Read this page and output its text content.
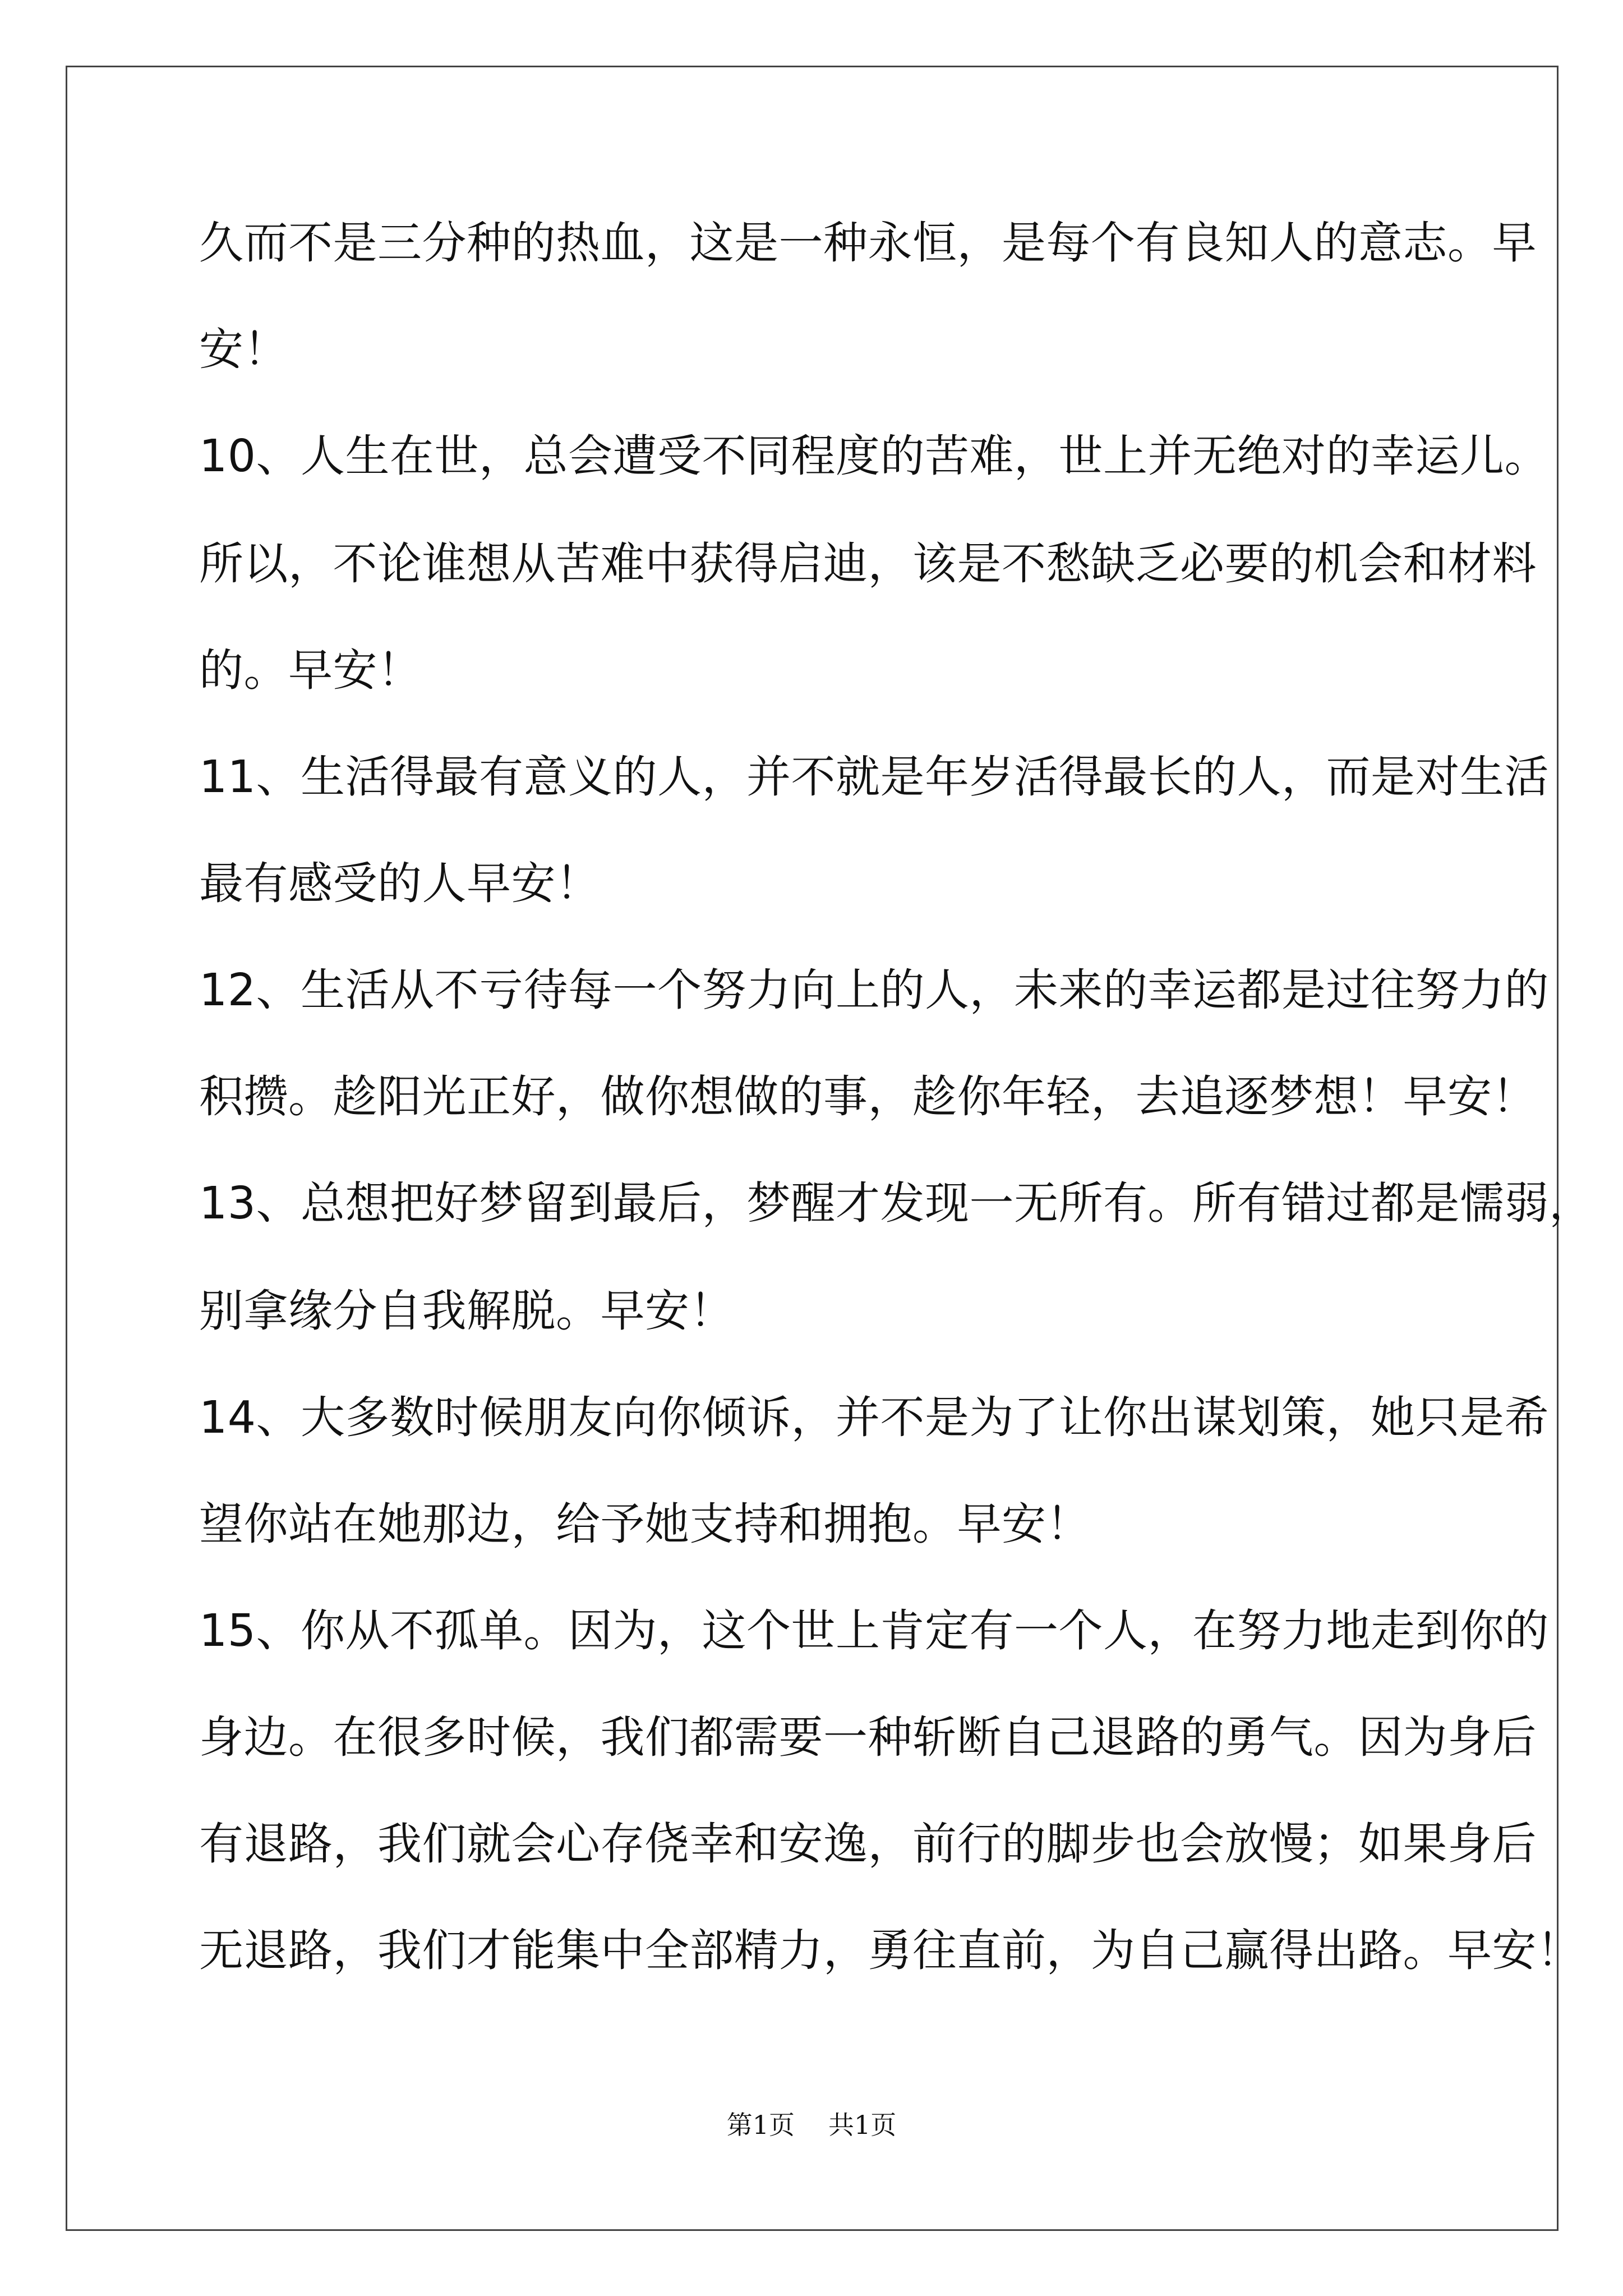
久而不是三分种的热血，这是一种永恒，是每个有良知人的意志。早
安！
10、人生在世，总会遭受不同程度的苦难，世上并无绝对的幸运儿。
所以，不论谁想从苦难中获得启迪，该是不愁缺乏必要的机会和材料
的。早安！
11、生活得最有意义的人，并不就是年岁活得最长的人，而是对生活
最有感受的人早安！
12、生活从不亏待每一个努力向上的人，未来的幸运都是过往努力的
积攒。趁阳光正好，做你想做的事，趁你年轻，去追逐梦想！早安！
13、总想把好梦留到最后，梦醒才发现一无所有。所有错过都是懦弱，
别拿缘分自我解脱。早安！
14、大多数时候朋友向你倾诉，并不是为了让你出谋划策，她只是希
望你站在她那边，给予她支持和拥抱。早安！
15、你从不孤单。因为，这个世上肯定有一个人，在努力地走到你的
身边。在很多时候，我们都需要一种斩断自己退路的勇气。因为身后
有退路，我们就会心存侥幸和安逸，前行的脚步也会放慢；如果身后
无退路，我们才能集中全部精力，勇往直前，为自己赢得出路。早安！
第1页 共1页
